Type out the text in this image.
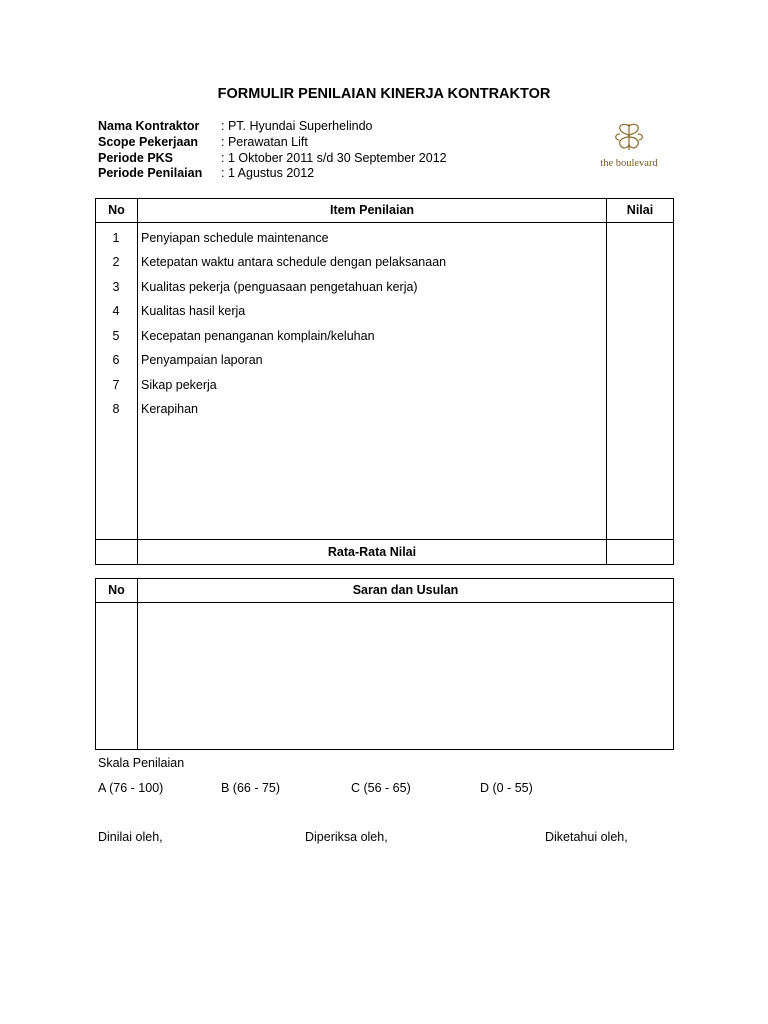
FORMULIR PENILAIAN KINERJA KONTRAKTOR
Nama Kontraktor : PT. Hyundai Superhelindo
Scope Pekerjaan : Perawatan Lift
Periode PKS	: 1 Oktober 2011 s/d 30 September 2012
Periode Penilaian : 1 Agustus 2012
the boulevard
No	Item Penilaian	Nilai
1	Penyiapan schedule maintenance
2	Ketepatan waktu antara schedule dengan pelaksanaan
3	Kualitas pekerja (penguasaan pengetahuan kerja)
4	Kualitas hasil kerja
5	Kecepatan penanganan komplain/keluhan
6	Penyampaian laporan
7	Sikap pekerja
8	Kerapihan
Rata-Rata Nilai
No	Saran dan Usulan
Skala Penilaian
A (76 - 100)	B (66 - 75)	C (56 - 65)	D (0 - 55)
Dinilai oleh,	Diperiksa oleh,	Diketahui oleh,
